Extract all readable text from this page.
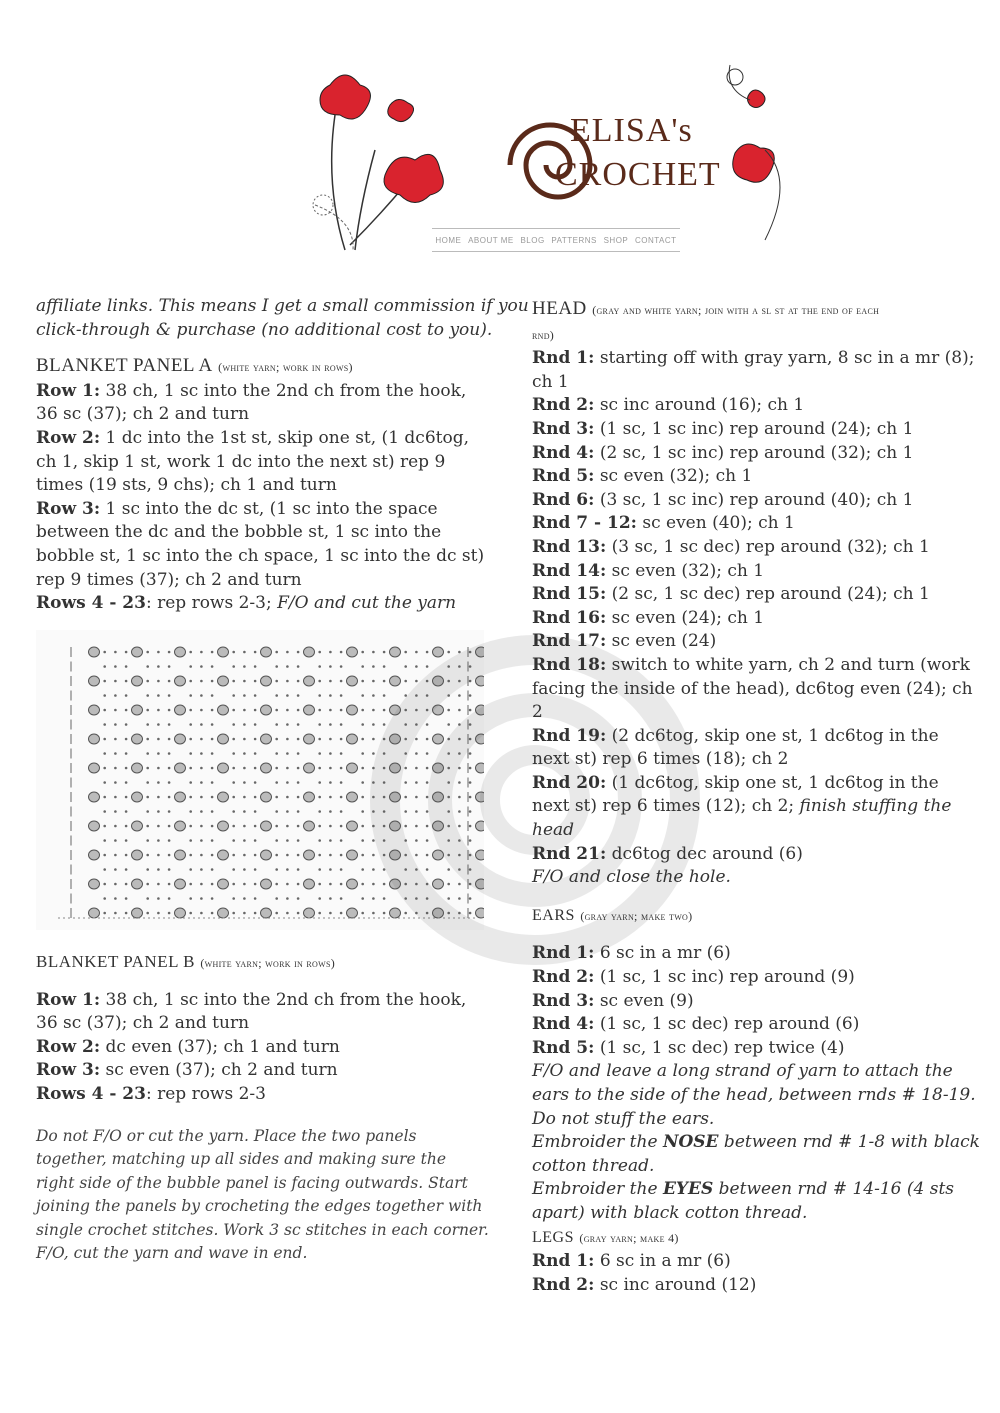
ELISA's
CROCHET
HOME ABOUT ME BLOG PATTERNS SHOP CONTACT
affiliate links. This means I get a small commission if you
click-through & purchase (no additional cost to you).
BLANKET PANEL A (white yarn; work in rows)
Row 1: 38 ch, 1 sc into the 2nd ch from the hook,
36 sc (37); ch 2 and turn
Row 2: 1 dc into the 1st st, skip one st, (1 dc6tog,
ch 1, skip 1 st, work 1 dc into the next st) rep 9
times (19 sts, 9 chs); ch 1 and turn
Row 3: 1 sc into the dc st, (1 sc into the space
between the dc and the bobble st, 1 sc into the
bobble st, 1 sc into the ch space, 1 sc into the dc st)
rep 9 times (37); ch 2 and turn
Rows 4 - 23: rep rows 2-3; F/O and cut the yarn
BLANKET PANEL B (white yarn; work in rows)
Row 1: 38 ch, 1 sc into the 2nd ch from the hook,
36 sc (37); ch 2 and turn
Row 2: dc even (37); ch 1 and turn
Row 3: sc even (37); ch 2 and turn
Rows 4 - 23: rep rows 2-3
Do not F/O or cut the yarn. Place the two panels
together, matching up all sides and making sure the
right side of the bubble panel is facing outwards. Start
joining the panels by crocheting the edges together with
single crochet stitches. Work 3 sc stitches in each corner.
F/O, cut the yarn and wave in end.
HEAD (gray and white yarn; join with a sl st at the end of each
rnd)
Rnd 1: starting off with gray yarn, 8 sc in a mr (8);
ch 1
Rnd 2: sc inc around (16); ch 1
Rnd 3: (1 sc, 1 sc inc) rep around (24); ch 1
Rnd 4: (2 sc, 1 sc inc) rep around (32); ch 1
Rnd 5: sc even (32); ch 1
Rnd 6: (3 sc, 1 sc inc) rep around (40); ch 1
Rnd 7 - 12: sc even (40); ch 1
Rnd 13: (3 sc, 1 sc dec) rep around (32); ch 1
Rnd 14: sc even (32); ch 1
Rnd 15: (2 sc, 1 sc dec) rep around (24); ch 1
Rnd 16: sc even (24); ch 1
Rnd 17: sc even (24)
Rnd 18: switch to white yarn, ch 2 and turn (work
facing the inside of the head), dc6tog even (24); ch
2
Rnd 19: (2 dc6tog, skip one st, 1 dc6tog in the
next st) rep 6 times (18); ch 2
Rnd 20: (1 dc6tog, skip one st, 1 dc6tog in the
next st) rep 6 times (12); ch 2; finish stuffing the
head
Rnd 21: dc6tog dec around (6)
F/O and close the hole.
EARS (gray yarn; make two)
Rnd 1: 6 sc in a mr (6)
Rnd 2: (1 sc, 1 sc inc) rep around (9)
Rnd 3: sc even (9)
Rnd 4: (1 sc, 1 sc dec) rep around (6)
Rnd 5: (1 sc, 1 sc dec) rep twice (4)
F/O and leave a long strand of yarn to attach the
ears to the side of the head, between rnds # 18-19.
Do not stuff the ears.
Embroider the NOSE between rnd # 1-8 with black
cotton thread.
Embroider the EYES between rnd # 14-16 (4 sts
apart) with black cotton thread.
LEGS (gray yarn; make 4)
Rnd 1: 6 sc in a mr (6)
Rnd 2: sc inc around (12)
